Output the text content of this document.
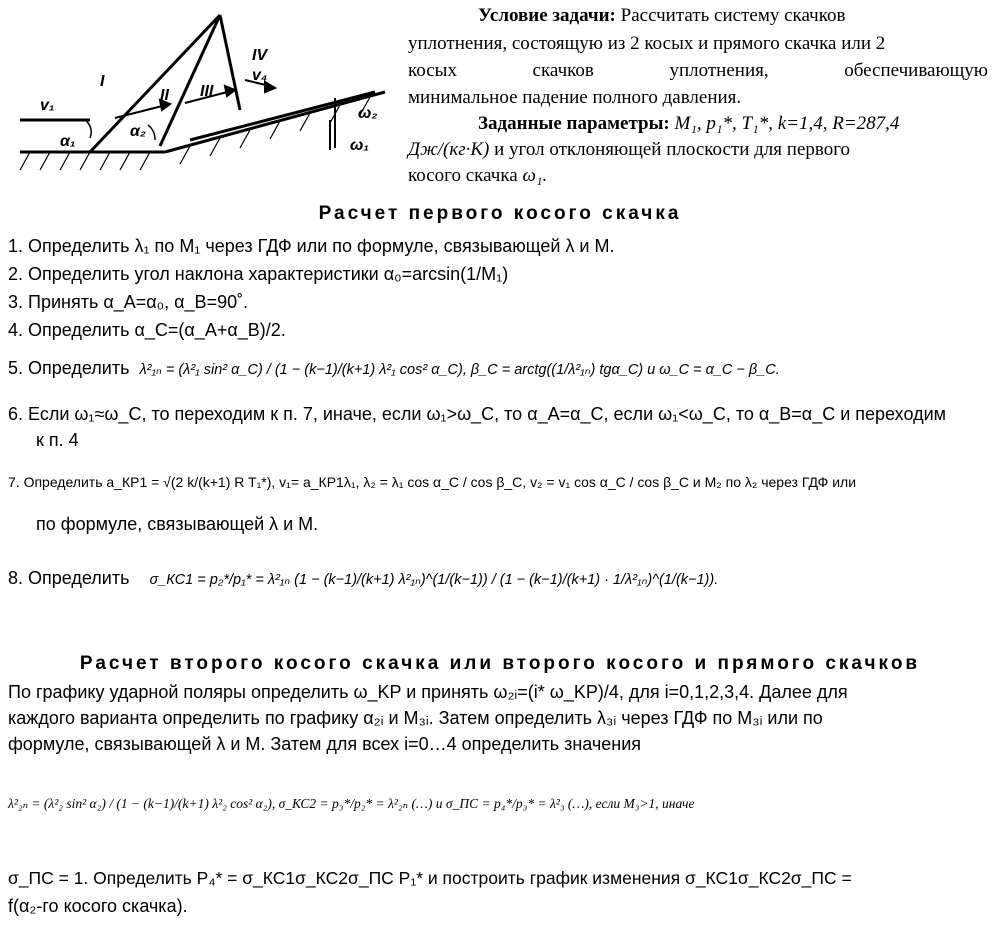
I
II III
IV
v₁
v₄
α₁
α₂
ω₂
ω₁
Условие задачи: Рассчитать систему скачков
уплотнения, состоящую из 2 косых и прямого скачка или 2
косых	скачков	уплотнения,	обеспечивающую
минимальное падение полного давления.
Заданные параметры: M₁, p₁*, T₁*, k=1,4, R=287,4
Дж/(кг·К) и угол отклоняющей плоскости для первого
косого скачка ω₁.
Расчет первого косого скачка
1. Определить λ₁ по M₁ через ГДФ или по формуле, связывающей λ и M.
2. Определить угол наклона характеристики α₀=arcsin(1/M₁)
3. Принять α_A=α₀, α_B=90˚.
4. Определить α_C=(α_A+α_B)/2.
5. Определить λ²₁ₙ = (λ²₁ sin² α_C) / (1 − (k−1)/(k+1) λ²₁ cos² α_C), β_C = arctg((1/λ²₁ₙ) tgα_C) и ω_C = α_C − β_C.
6. Если ω₁≈ω_C, то переходим к п. 7, иначе, если ω₁>ω_C, то α_A=α_C, если ω₁<ω_C, то α_B=α_C и переходим
к п. 4
7. Определить a_КР1 = √(2 k/(k+1) R T₁*), v₁= a_КР1λ₁, λ₂ = λ₁ cos α_C / cos β_C, v₂ = v₁ cos α_C / cos β_C и M₂ по λ₂ через ГДФ или
по формуле, связывающей λ и M.
8. Определить σ_КС1 = p₂*/p₁* = λ²₁ₙ (1 − (k−1)/(k+1) λ²₁ₙ)^(1/(k−1)) / (1 − (k−1)/(k+1) · 1/λ²₁ₙ)^(1/(k−1)).
Расчет второго косого скачка или второго косого и прямого скачков
По графику ударной поляры определить ω_KP и принять ω₂ᵢ=(i* ω_KP)/4, для i=0,1,2,3,4. Далее для
каждого варианта определить по графику α₂ᵢ и M₃ᵢ. Затем определить λ₃ᵢ через ГДФ по M₃ᵢ или по
формуле, связывающей λ и M. Затем для всех i=0…4 определить значения
λ²₂ₙ = (λ²₂ sin² α₂) / (1 − (k−1)/(k+1) λ²₂ cos² α₂), σ_КС2 = p₃*/p₂* = λ²₂ₙ (…) и σ_ПС = p₄*/p₃* = λ²₃ (…), если M₃>1, иначе
σ_ПС = 1. Определить P₄* = σ_КС1σ_КС2σ_ПС P₁* и построить график изменения σ_КС1σ_КС2σ_ПС =
f(α₂-го косого скачка).
